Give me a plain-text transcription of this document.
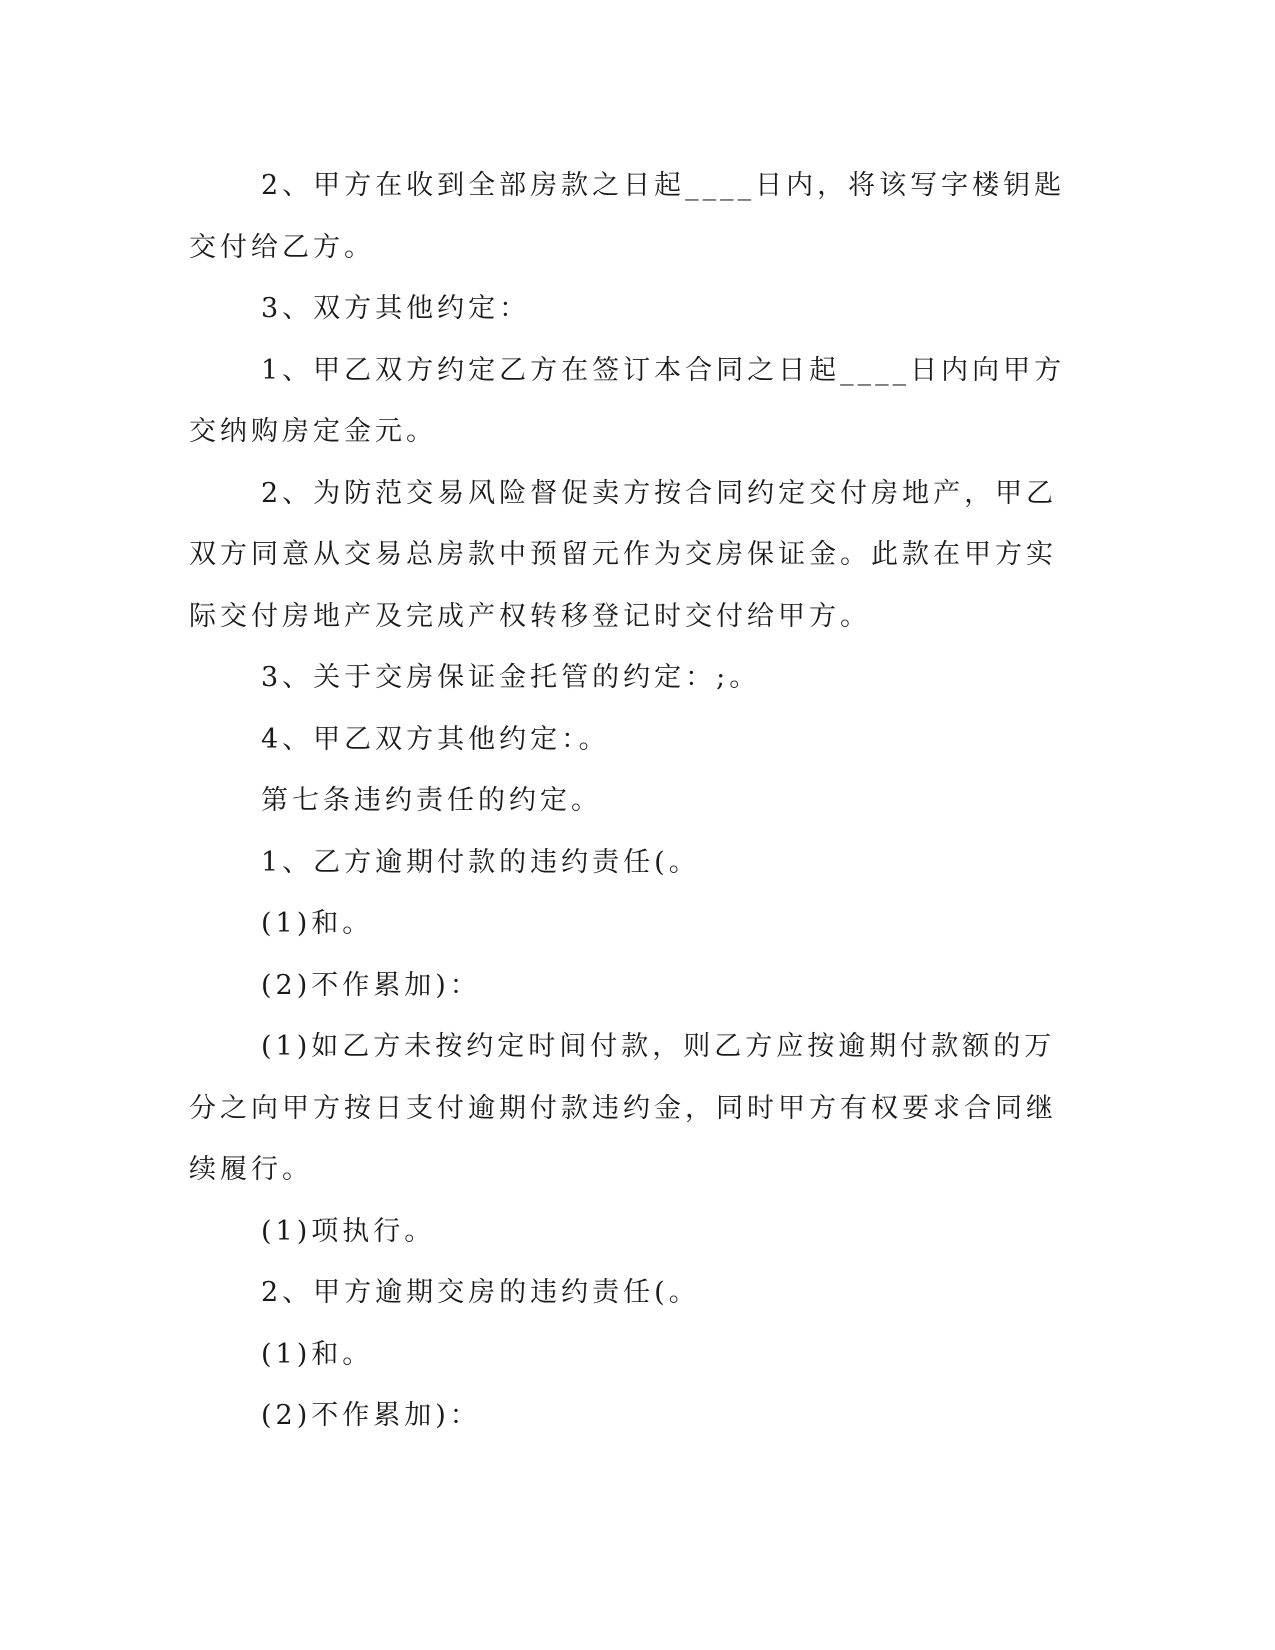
2、甲方在收到全部房款之日起____日内，将该写字楼钥匙交付给乙方。

3、双方其他约定：

1、甲乙双方约定乙方在签订本合同之日起____日内向甲方交纳购房定金元。

2、为防范交易风险督促卖方按合同约定交付房地产，甲乙双方同意从交易总房款中预留元作为交房保证金。此款在甲方实际交付房地产及完成产权转移登记时交付给甲方。

3、关于交房保证金托管的约定：;。

4、甲乙双方其他约定：。

第七条违约责任的约定。

1、乙方逾期付款的违约责任(。

(1)和。

(2)不作累加)：

(1)如乙方未按约定时间付款，则乙方应按逾期付款额的万分之向甲方按日支付逾期付款违约金，同时甲方有权要求合同继续履行。

(1)项执行。

2、甲方逾期交房的违约责任(。

(1)和。

(2)不作累加)：
